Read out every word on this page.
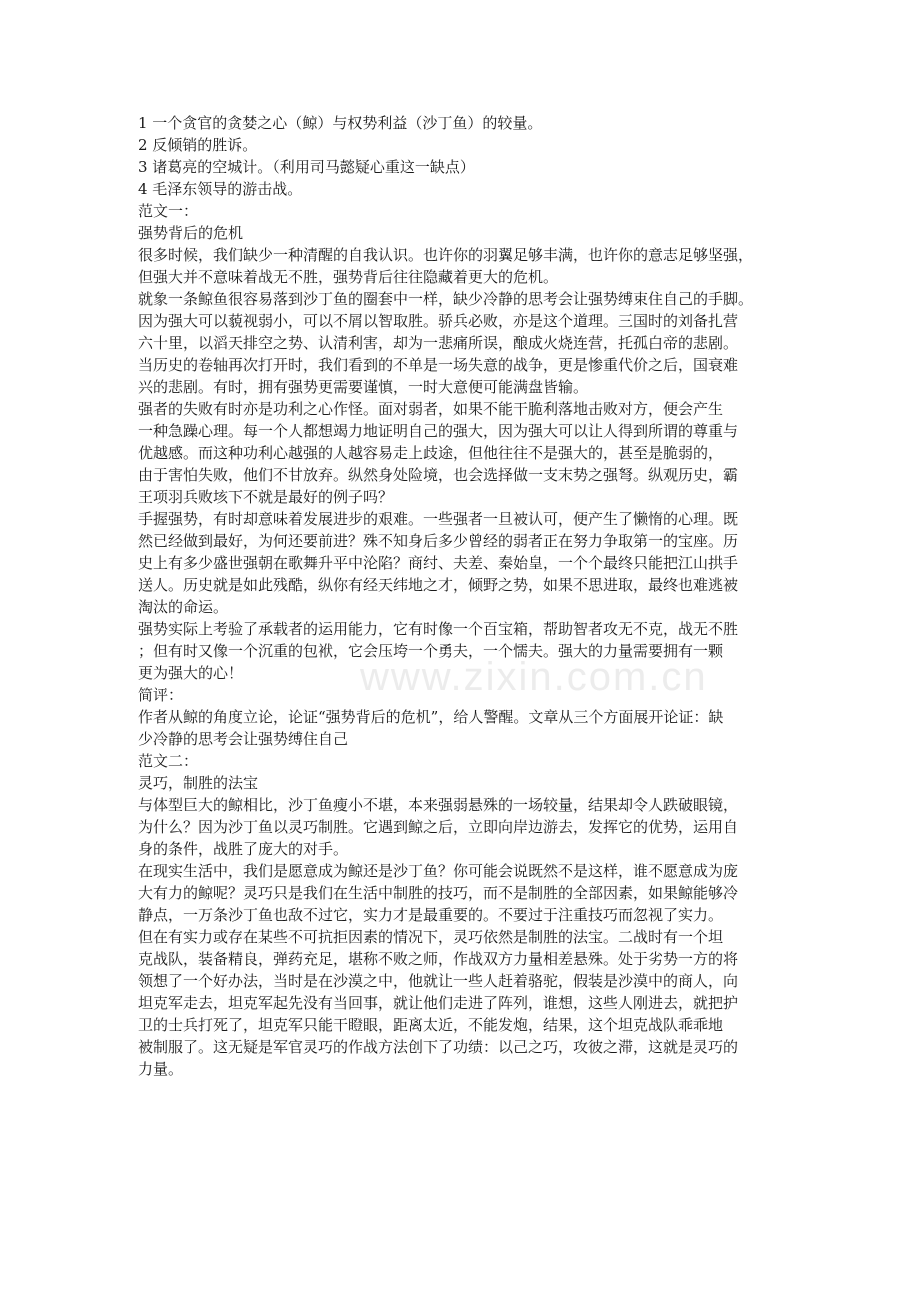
www.zixin.com.cn
1 一个贪官的贪婪之心（鲸）与权势利益（沙丁鱼）的较量。
2 反倾销的胜诉。
3 诸葛亮的空城计。（利用司马懿疑心重这一缺点）
4 毛泽东领导的游击战。
范文一：
强势背后的危机
很多时候，我们缺少一种清醒的自我认识。也许你的羽翼足够丰满，也许你的意志足够坚强，
但强大并不意味着战无不胜，强势背后往往隐藏着更大的危机。
就象一条鲸鱼很容易落到沙丁鱼的圈套中一样，缺少冷静的思考会让强势缚束住自己的手脚。
因为强大可以藐视弱小，可以不屑以智取胜。骄兵必败，亦是这个道理。三国时的刘备扎营
六十里，以滔天排空之势、认清利害，却为一悲痛所误，酿成火烧连营，托孤白帝的悲剧。
当历史的卷轴再次打开时，我们看到的不单是一场失意的战争，更是惨重代价之后，国衰难
兴的悲剧。有时，拥有强势更需要谨慎，一时大意便可能满盘皆输。
强者的失败有时亦是功利之心作怪。面对弱者，如果不能干脆利落地击败对方，便会产生
一种急躁心理。每一个人都想竭力地证明自己的强大，因为强大可以让人得到所谓的尊重与
优越感。而这种功利心越强的人越容易走上歧途，但他往往不是强大的，甚至是脆弱的，
由于害怕失败，他们不甘放弃。纵然身处险境，也会选择做一支末势之强弩。纵观历史，霸
王项羽兵败垓下不就是最好的例子吗？
手握强势，有时却意味着发展进步的艰难。一些强者一旦被认可，便产生了懒惰的心理。既
然已经做到最好，为何还要前进？殊不知身后多少曾经的弱者正在努力争取第一的宝座。历
史上有多少盛世强朝在歌舞升平中沦陷？商纣、夫差、秦始皇，一个个最终只能把江山拱手
送人。历史就是如此残酷，纵你有经天纬地之才，倾野之势，如果不思进取，最终也难逃被
淘汰的命运。
强势实际上考验了承载者的运用能力，它有时像一个百宝箱，帮助智者攻无不克，战无不胜
；但有时又像一个沉重的包袱，它会压垮一个勇夫，一个懦夫。强大的力量需要拥有一颗
更为强大的心！
简评：
作者从鲸的角度立论，论证“强势背后的危机”，给人警醒。文章从三个方面展开论证：缺
少冷静的思考会让强势缚住自己
范文二：
灵巧，制胜的法宝
与体型巨大的鲸相比，沙丁鱼瘦小不堪，本来强弱悬殊的一场较量，结果却令人跌破眼镜，
为什么？因为沙丁鱼以灵巧制胜。它遇到鲸之后，立即向岸边游去，发挥它的优势，运用自
身的条件，战胜了庞大的对手。
在现实生活中，我们是愿意成为鲸还是沙丁鱼？你可能会说既然不是这样，谁不愿意成为庞
大有力的鲸呢？灵巧只是我们在生活中制胜的技巧，而不是制胜的全部因素，如果鲸能够冷
静点，一万条沙丁鱼也敌不过它，实力才是最重要的。不要过于注重技巧而忽视了实力。
但在有实力或存在某些不可抗拒因素的情况下，灵巧依然是制胜的法宝。二战时有一个坦
克战队，装备精良，弹药充足，堪称不败之师，作战双方力量相差悬殊。处于劣势一方的将
领想了一个好办法，当时是在沙漠之中，他就让一些人赶着骆驼，假装是沙漠中的商人，向
坦克军走去，坦克军起先没有当回事，就让他们走进了阵列，谁想，这些人刚进去，就把护
卫的士兵打死了，坦克军只能干瞪眼，距离太近，不能发炮，结果，这个坦克战队乖乖地
被制服了。这无疑是军官灵巧的作战方法创下了功绩：以己之巧，攻彼之滞，这就是灵巧的
力量。
